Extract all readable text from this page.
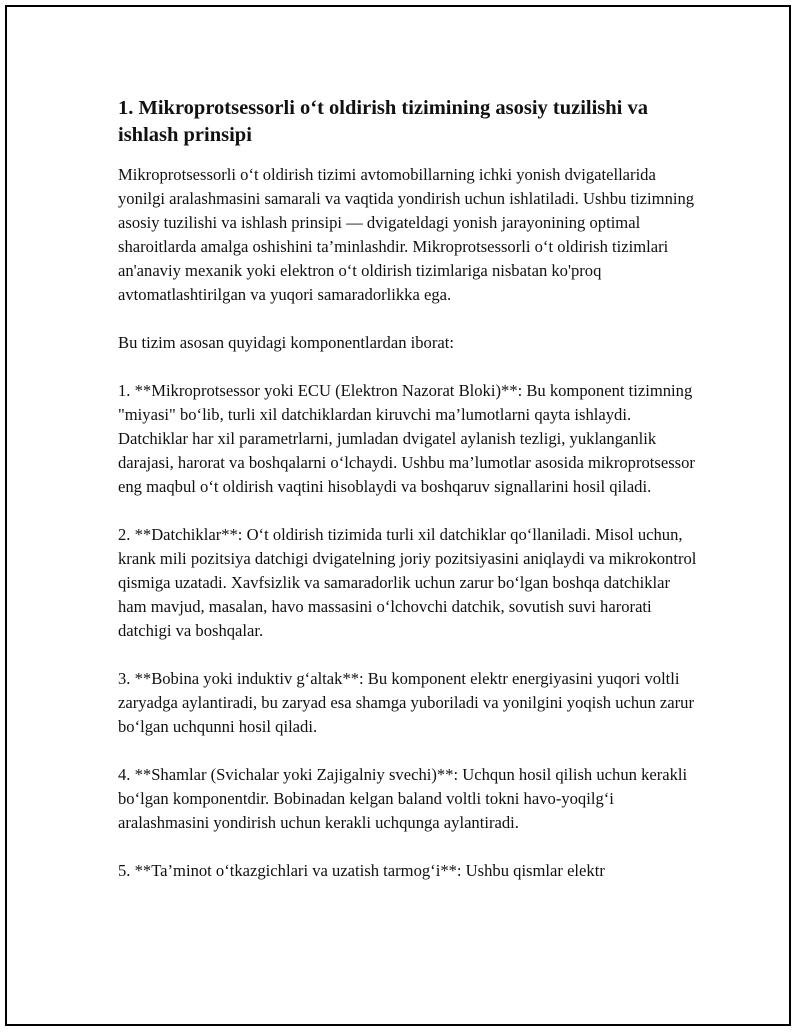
1. Mikroprotsessorli o‘t oldirish tizimining asosiy tuzilishi va ishlash prinsipi

Mikroprotsessorli o‘t oldirish tizimi avtomobillarning ichki yonish dvigatellarida yonilgi aralashmasini samarali va vaqtida yondirish uchun ishlatiladi. Ushbu tizimning asosiy tuzilishi va ishlash prinsipi — dvigateldagi yonish jarayonining optimal sharoitlarda amalga oshishini ta’minlashdir. Mikroprotsessorli o‘t oldirish tizimlari an'anaviy mexanik yoki elektron o‘t oldirish tizimlariga nisbatan ko'proq avtomatlashtirilgan va yuqori samaradorlikka ega.

Bu tizim asosan quyidagi komponentlardan iborat:

1. **Mikroprotsessor yoki ECU (Elektron Nazorat Bloki)**: Bu komponent tizimning "miyasi" bo‘lib, turli xil datchiklardan kiruvchi ma’lumotlarni qayta ishlaydi. Datchiklar har xil parametrlarni, jumladan dvigatel aylanish tezligi, yuklanganlik darajasi, harorat va boshqalarni o‘lchaydi. Ushbu ma’lumotlar asosida mikroprotsessor eng maqbul o‘t oldirish vaqtini hisoblaydi va boshqaruv signallarini hosil qiladi.

2. **Datchiklar**: O‘t oldirish tizimida turli xil datchiklar qo‘llaniladi. Misol uchun, krank mili pozitsiya datchigi dvigatelning joriy pozitsiyasini aniqlaydi va mikrokontrol qismiga uzatadi. Xavfsizlik va samaradorlik uchun zarur bo‘lgan boshqa datchiklar ham mavjud, masalan, havo massasini o‘lchovchi datchik, sovutish suvi harorati datchigi va boshqalar.

3. **Bobina yoki induktiv g‘altak**: Bu komponent elektr energiyasini yuqori voltli zaryadga aylantiradi, bu zaryad esa shamga yuboriladi va yonilgini yoqish uchun zarur bo‘lgan uchqunni hosil qiladi.

4. **Shamlar (Svichalar yoki Zajigalniy svechi)**: Uchqun hosil qilish uchun kerakli bo‘lgan komponentdir. Bobinadan kelgan baland voltli tokni havo-yoqilg‘i aralashmasini yondirish uchun kerakli uchqunga aylantiradi.

5. **Ta’minot o‘tkazgichlari va uzatish tarmog‘i**: Ushbu qismlar elektr
